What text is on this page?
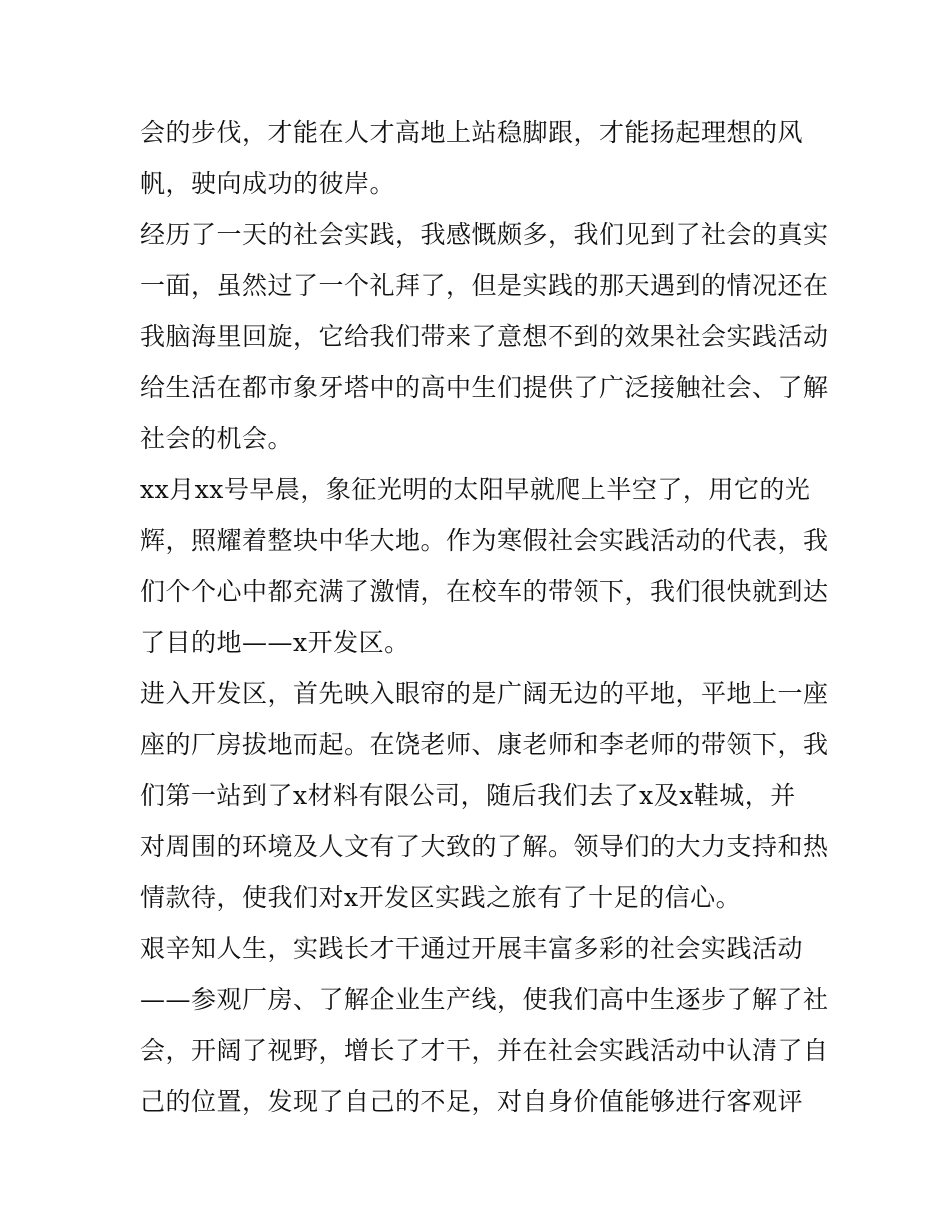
会的步伐，才能在人才高地上站稳脚跟，才能扬起理想的风
帆，驶向成功的彼岸。
经历了一天的社会实践，我感慨颇多，我们见到了社会的真实
一面，虽然过了一个礼拜了，但是实践的那天遇到的情况还在
我脑海里回旋，它给我们带来了意想不到的效果社会实践活动
给生活在都市象牙塔中的高中生们提供了广泛接触社会、了解
社会的机会。
xx月xx号早晨，象征光明的太阳早就爬上半空了，用它的光
辉，照耀着整块中华大地。作为寒假社会实践活动的代表，我
们个个心中都充满了激情，在校车的带领下，我们很快就到达
了目的地——x开发区。
进入开发区，首先映入眼帘的是广阔无边的平地，平地上一座
座的厂房拔地而起。在饶老师、康老师和李老师的带领下，我
们第一站到了x材料有限公司，随后我们去了x及x鞋城，并
对周围的环境及人文有了大致的了解。领导们的大力支持和热
情款待，使我们对x开发区实践之旅有了十足的信心。
艰辛知人生，实践长才干通过开展丰富多彩的社会实践活动
——参观厂房、了解企业生产线，使我们高中生逐步了解了社
会，开阔了视野，增长了才干，并在社会实践活动中认清了自
己的位置，发现了自己的不足，对自身价值能够进行客观评
